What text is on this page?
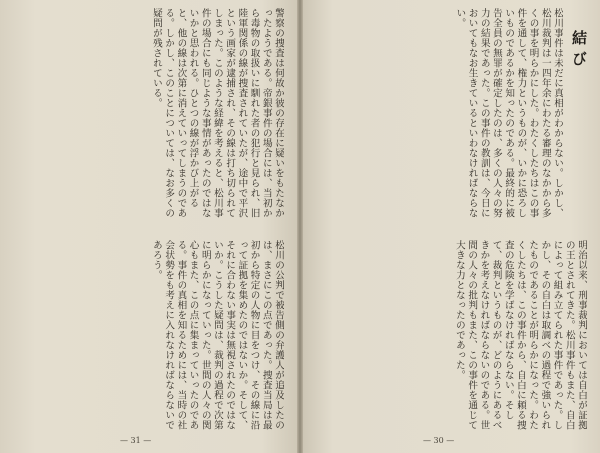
警察の捜査は何故か彼の存在に疑いをもたなかったようである。帝銀事件の場合には、当初から毒物の取扱いに馴れた者の犯行と見られ、旧陸軍関係の線が捜査されていたが、途中で平沢という画家が逮捕され、その線は打ち切られてしまった。このような経緯を考えると、松川事件の場合にも同じような事情があったのではないかと思われる。ひとつの線が浮かび上がると、他の線は次第に消えていってしまうのである。しかし、このことについては、なお多くの疑問が残されている。
松川の公判で被告側の弁護人が追及したのは、まさにこの点であった。捜査当局は最初から特定の人物に目をつけ、その線に沿って証拠を集めたのではないか。そして、それに合わない事実は無視されたのではないか。こうした疑問は、裁判の過程で次第に明らかになっていった。世間の人々の関心もまた、この点に集まっていったのである。事件の真相を知るためには、当時の社会状勢をも考えに入れなければならないであろう。
— 31 —
結び
松川事件は未だに真相がわからない。しかし、松川裁判は一四年余にわたる審理のなかから多くの事を明らかにした。わたくしたちはこの事件を通して、権力というものが、いかに恐ろしいものであるかを知ったのである。最終的に被告全員の無罪が確定したのは、多くの人々の努力の結果であった。この事件の教訓は、今日においてもなお生きているといわなければならない。
明治以来、刑事裁判においては自白が証拠の王とされてきた。松川事件もまた、自白によって組み立てられた事件であった。しかし、その自白は取調べの過程で強いられたものであることが明らかになった。わたくしたちは、この事件から、自白に頼る捜査の危険を学ばなければならない。そして、裁判というものが、どのようにあるべきかを考えなければならないのである。世間の人々の批判もまた、この事件を通じて大きな力となったのであった。
— 30 —
